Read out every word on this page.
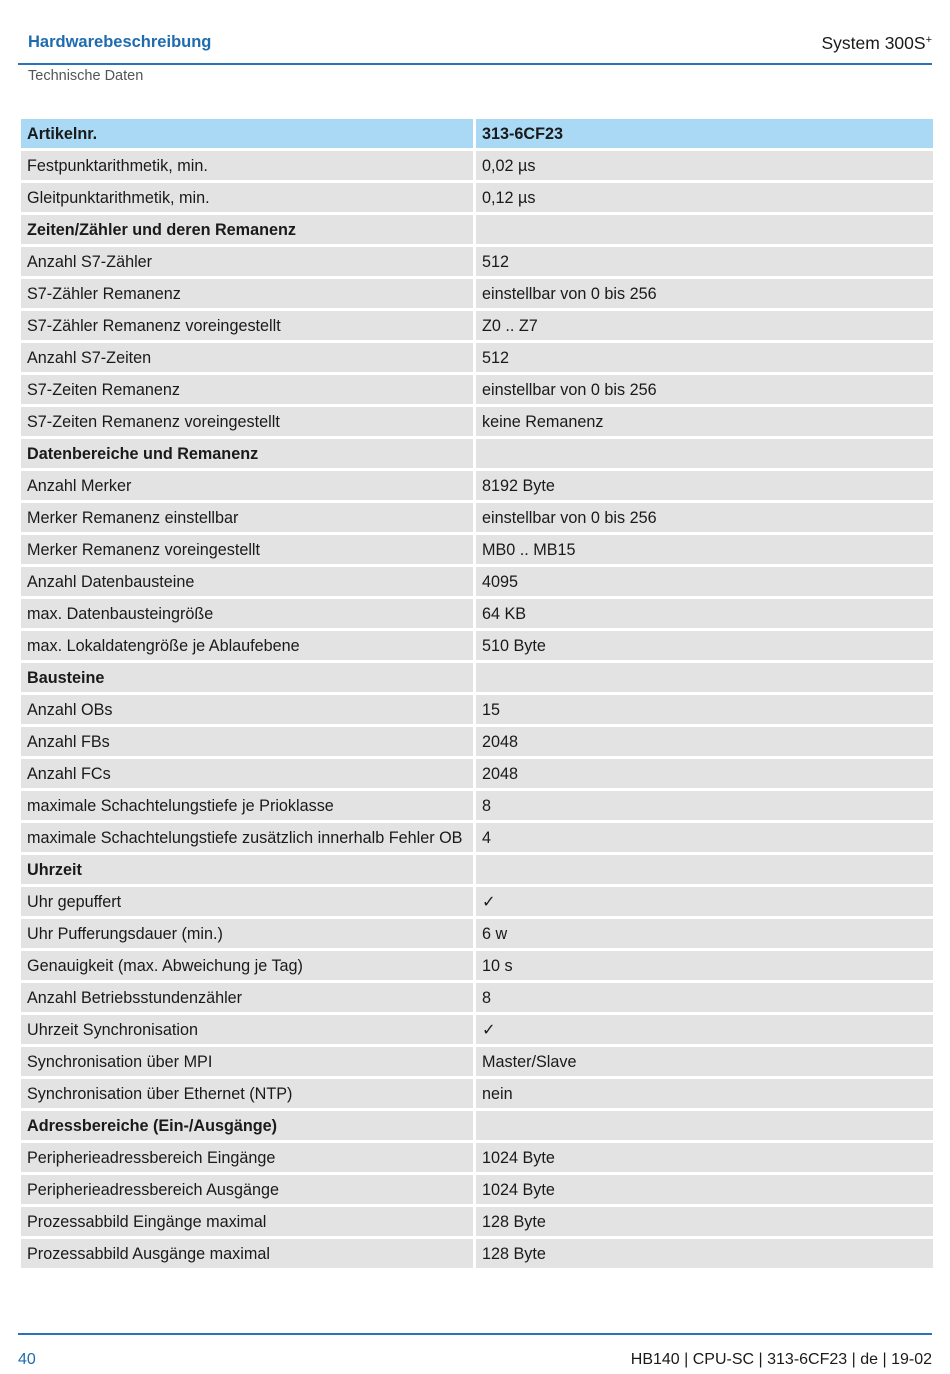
Hardwarebeschreibung	System 300S+
Technische Daten
Artikelnr.	313-6CF23
Festpunktarithmetik, min.	0,02 µs
Gleitpunktarithmetik, min.	0,12 µs
Zeiten/Zähler und deren Remanenz	
Anzahl S7-Zähler	512
S7-Zähler Remanenz	einstellbar von 0 bis 256
S7-Zähler Remanenz voreingestellt	Z0 .. Z7
Anzahl S7-Zeiten	512
S7-Zeiten Remanenz	einstellbar von 0 bis 256
S7-Zeiten Remanenz voreingestellt	keine Remanenz
Datenbereiche und Remanenz	
Anzahl Merker	8192 Byte
Merker Remanenz einstellbar	einstellbar von 0 bis 256
Merker Remanenz voreingestellt	MB0 .. MB15
Anzahl Datenbausteine	4095
max. Datenbausteingröße	64 KB
max. Lokaldatengröße je Ablaufebene	510 Byte
Bausteine	
Anzahl OBs	15
Anzahl FBs	2048
Anzahl FCs	2048
maximale Schachtelungstiefe je Prioklasse	8
maximale Schachtelungstiefe zusätzlich innerhalb Fehler OB	4
Uhrzeit	
Uhr gepuffert	✓
Uhr Pufferungsdauer (min.)	6 w
Genauigkeit (max. Abweichung je Tag)	10 s
Anzahl Betriebsstundenzähler	8
Uhrzeit Synchronisation	✓
Synchronisation über MPI	Master/Slave
Synchronisation über Ethernet (NTP)	nein
Adressbereiche (Ein-/Ausgänge)	
Peripherieadressbereich Eingänge	1024 Byte
Peripherieadressbereich Ausgänge	1024 Byte
Prozessabbild Eingänge maximal	128 Byte
Prozessabbild Ausgänge maximal	128 Byte
40	HB140 | CPU-SC | 313-6CF23 | de | 19-02
